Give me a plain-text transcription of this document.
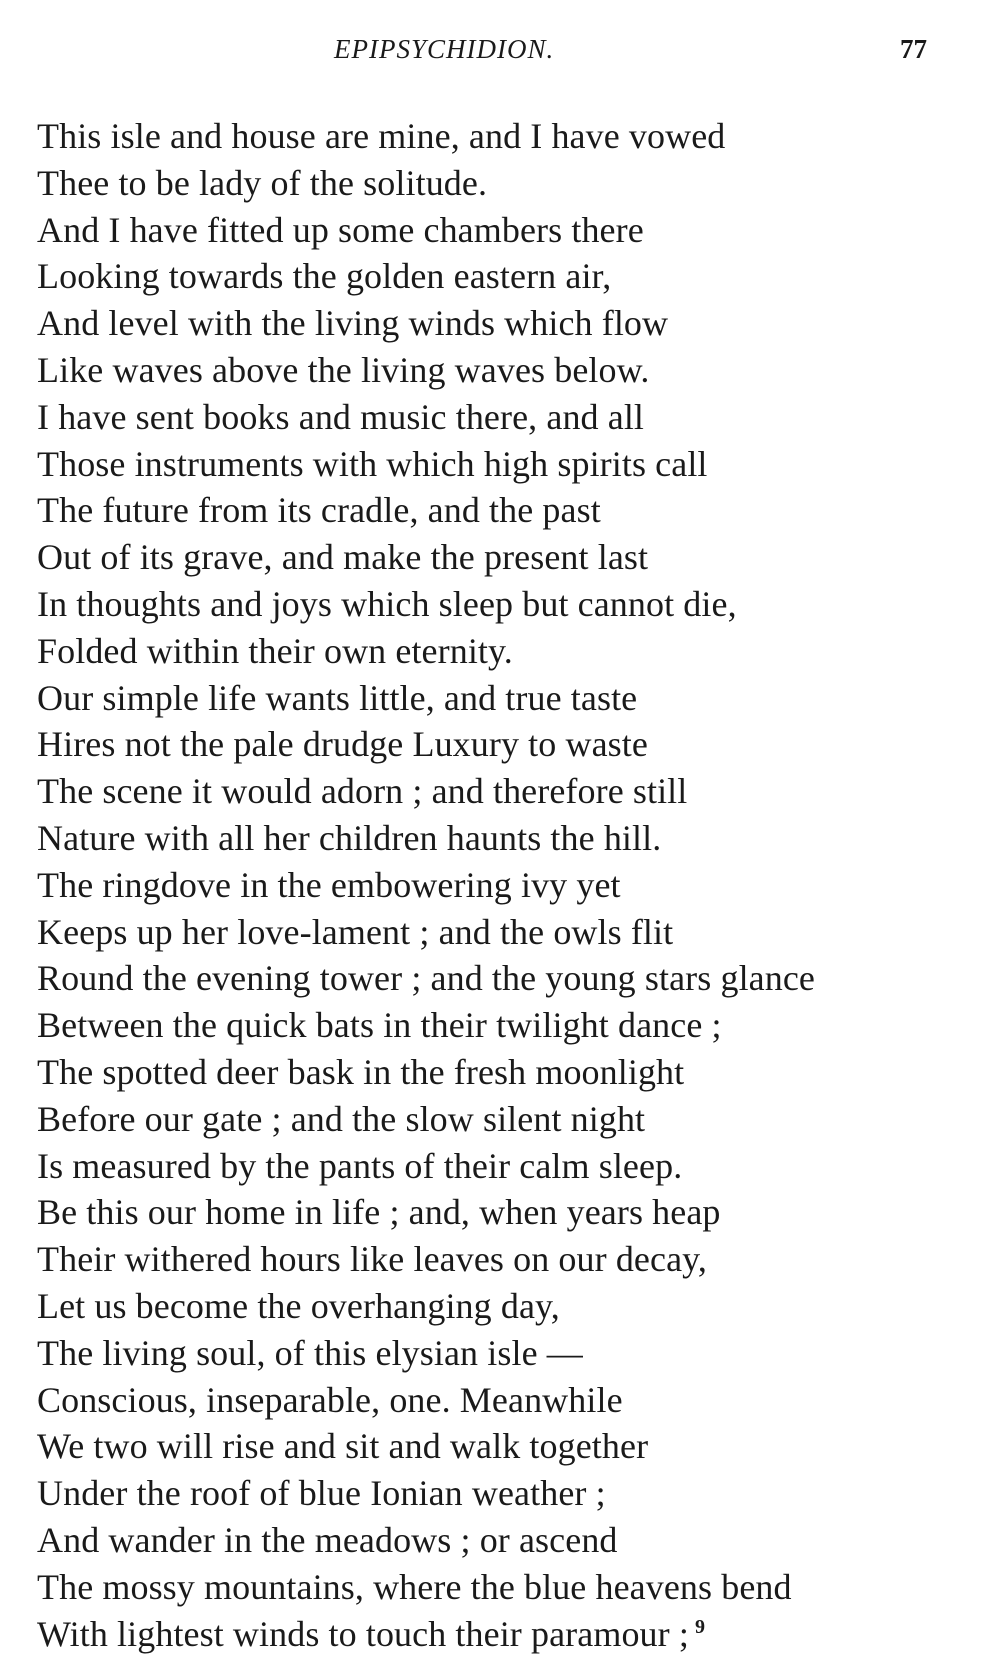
EPIPSYCHIDION.	77
This isle and house are mine, and I have vowed
Thee to be lady of the solitude.
And I have fitted up some chambers there
Looking towards the golden eastern air,
And level with the living winds which flow
Like waves above the living waves below.
I have sent books and music there, and all
Those instruments with which high spirits call
The future from its cradle, and the past
Out of its grave, and make the present last
In thoughts and joys which sleep but cannot die,
Folded within their own eternity.
Our simple life wants little, and true taste
Hires not the pale drudge Luxury to waste
The scene it would adorn ; and therefore still
Nature with all her children haunts the hill.
The ringdove in the embowering ivy yet
Keeps up her love-lament ; and the owls flit
Round the evening tower ; and the young stars glance
Between the quick bats in their twilight dance ;
The spotted deer bask in the fresh moonlight
Before our gate ; and the slow silent night
Is measured by the pants of their calm sleep.
Be this our home in life ; and, when years heap
Their withered hours like leaves on our decay,
Let us become the overhanging day,
The living soul, of this elysian isle —
Conscious, inseparable, one. Meanwhile
We two will rise and sit and walk together
Under the roof of blue Ionian weather ;
And wander in the meadows ; or ascend
The mossy mountains, where the blue heavens bend
With lightest winds to touch their paramour ; $^9$
